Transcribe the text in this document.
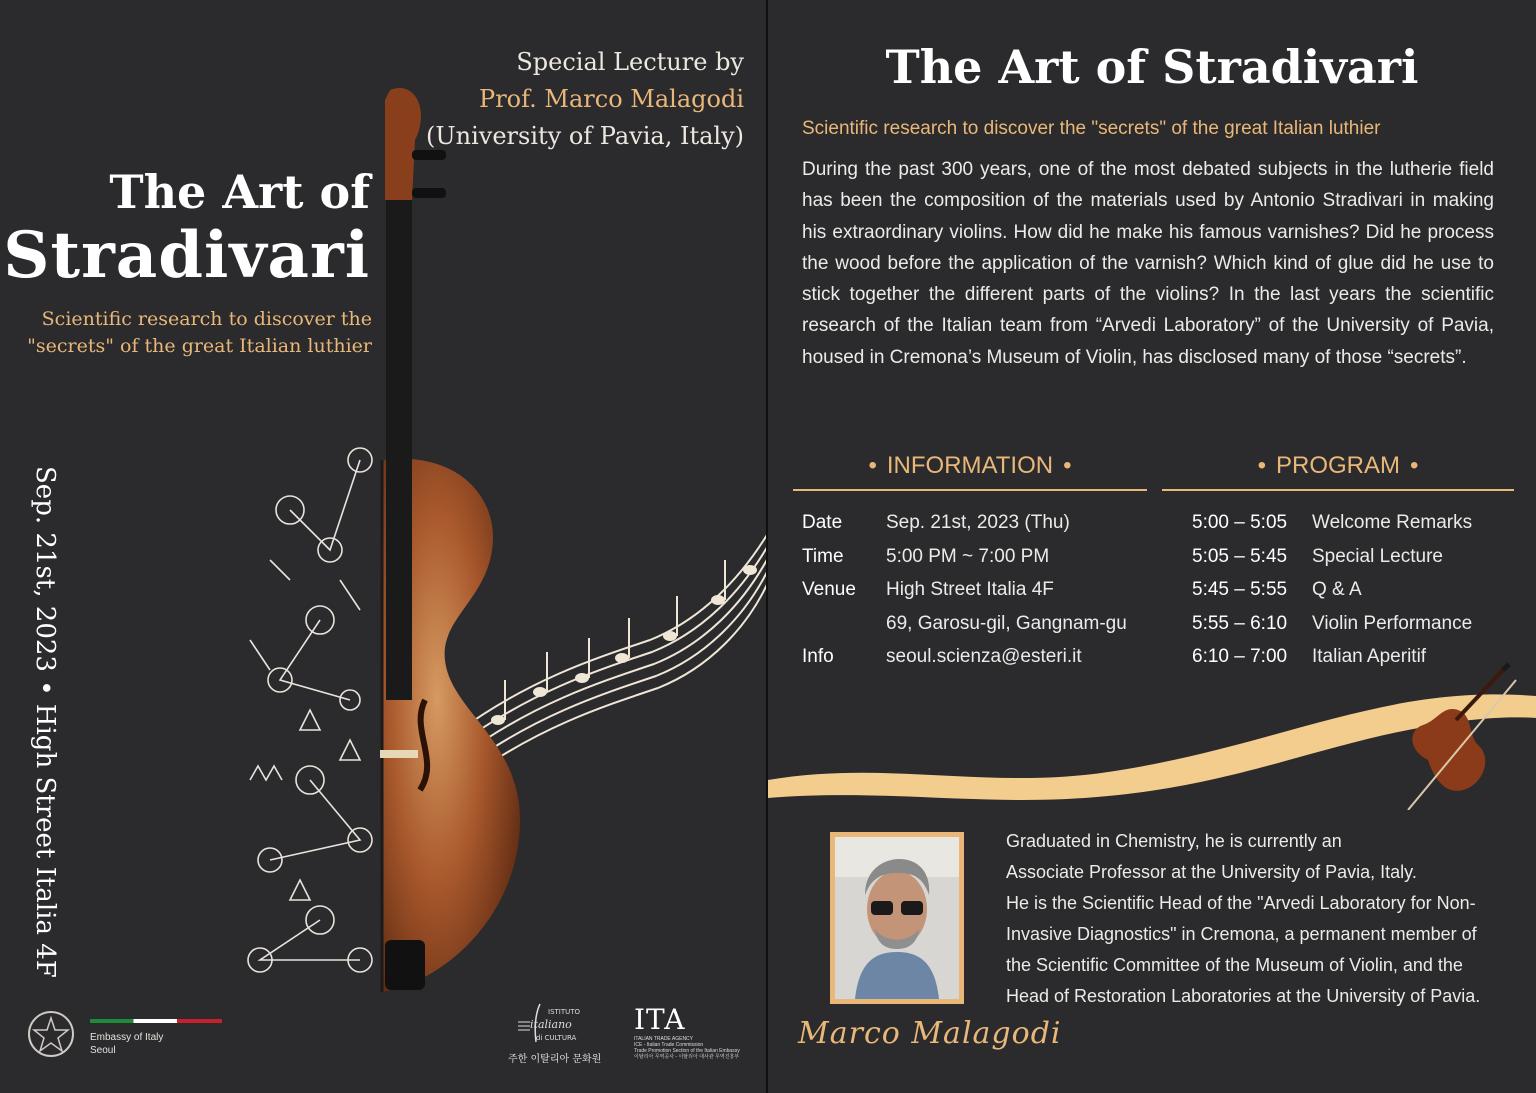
Special Lecture by
Prof. Marco Malagodi
(University of Pavia, Italy)
The Art of
Stradivari
Scientific research to discover the
"secrets" of the great Italian luthier
Sep. 21st, 2023 • High Street Italia 4F
Embassy of Italy
Seoul
ISTITUTO
italiano
di CULTURA
주한 이탈리아 문화원
ITA
ITALIAN TRADE AGENCY
ICE - Italian Trade Commission
Trade Promotion Section of the Italian Embassy
이탈리아 무역공사 - 이탈리아 대사관 무역진흥부
The Art of Stradivari
Scientific research to discover the "secrets" of the great Italian luthier
During the past 300 years, one of the most debated subjects in the lutherie field has been the composition of the materials used by Antonio Stradivari in making his extraordinary violins. How did he make his famous varnishes? Did he process the wood before the application of the varnish? Which kind of glue did he use to stick together the different parts of the violins? In the last years the scientific research of the Italian team from “Arvedi Laboratory” of the University of Pavia, housed in Cremona’s Museum of Violin, has disclosed many of those “secrets”.
• INFORMATION •	• PROGRAM •
Date	Sep. 21st, 2023 (Thu)
Time	5:00 PM ~ 7:00 PM
Venue	High Street Italia 4F
69, Garosu-gil, Gangnam-gu
Info	seoul.scienza@esteri.it
5:00 – 5:05	Welcome Remarks
5:05 – 5:45	Special Lecture
5:45 – 5:55	Q & A
5:55 – 6:10	Violin Performance
6:10 – 7:00	Italian Aperitif
Graduated in Chemistry, he is currently an
Associate Professor at the University of Pavia, Italy.
He is the Scientific Head of the "Arvedi Laboratory for Non-
Invasive Diagnostics" in Cremona, a permanent member of
the Scientific Committee of the Museum of Violin, and the
Head of Restoration Laboratories at the University of Pavia.
Marco Malagodi
